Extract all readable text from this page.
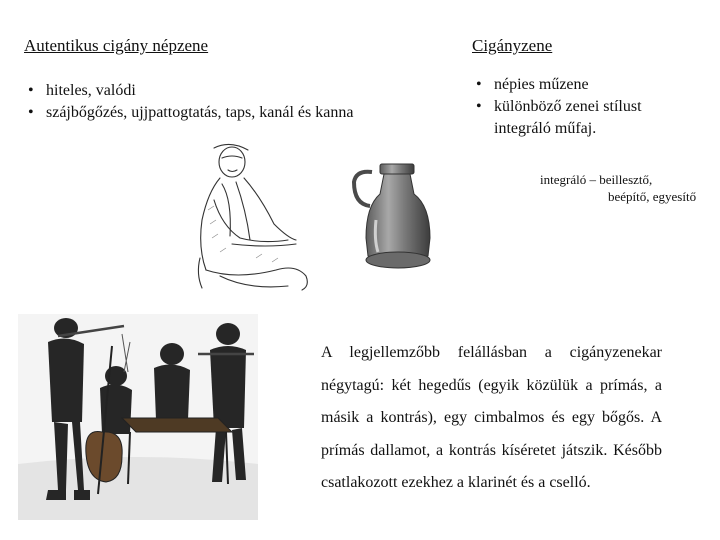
Autentikus cigány népzene
• hiteles, valódi
• szájbőgőzés, ujjpattogtatás, taps, kanál és kanna
Cigányzene
• népies műzene
• különböző zenei stílust integráló műfaj.
integráló – beillesztő,
beépítő, egyesítő
A legjellemzőbb felállásban a cigányzenekar négytagú: két hegedűs (egyik közülük a prímás, a másik a kontrás), egy cimbalmos és egy bőgős. A prímás dallamot, a kontrás kíséretet játszik. Később csatlakozott ezekhez a klarinét és a cselló.
